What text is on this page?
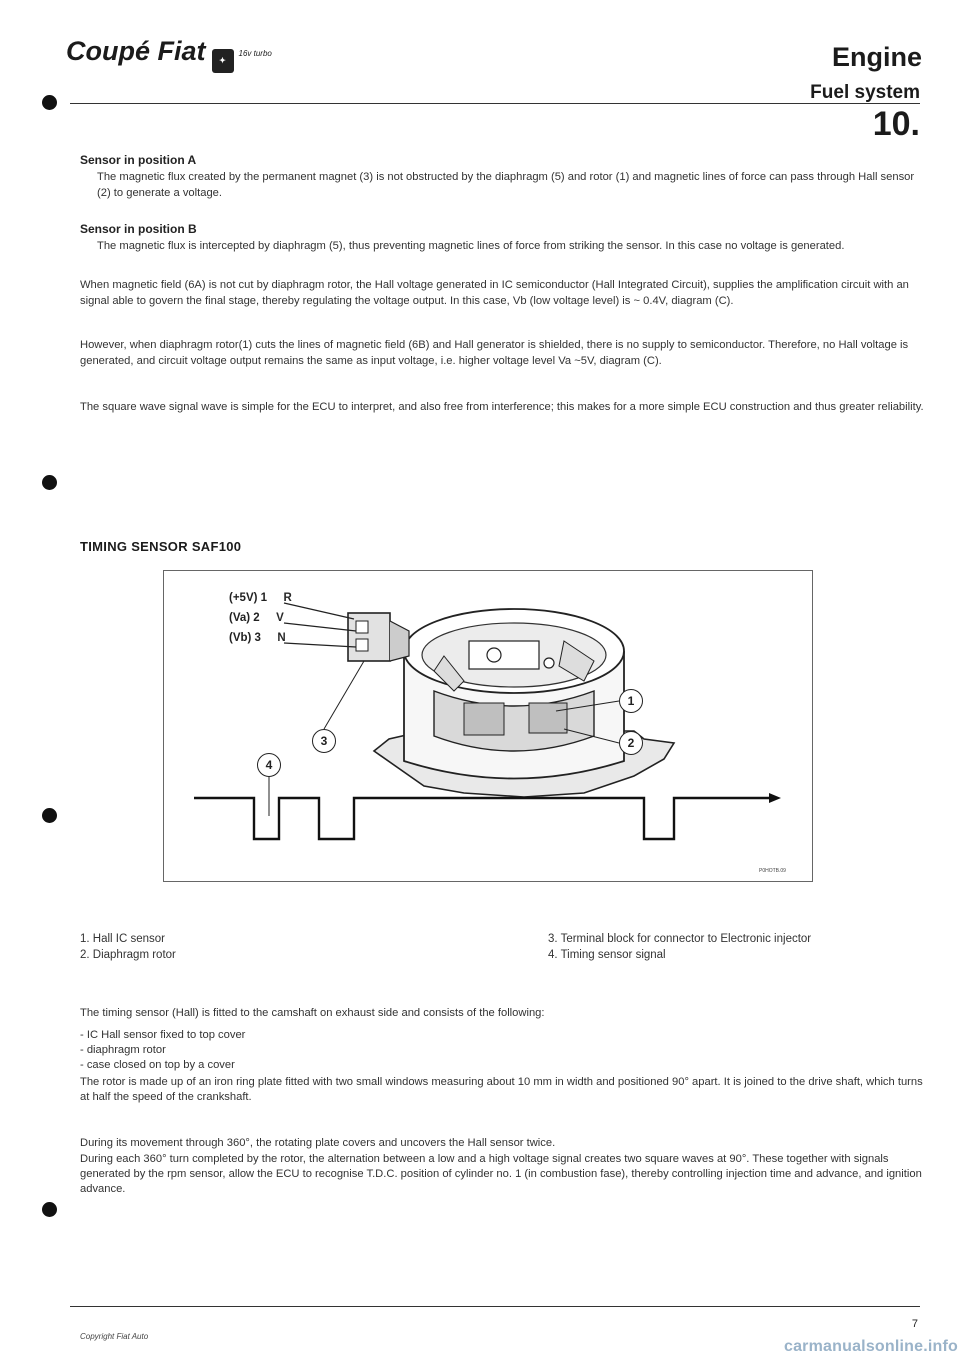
Coupé Fiat ✦16v turbo	Engine
Fuel system
10.
Sensor in position A

The magnetic flux created by the permanent magnet (3) is not obstructed by the diaphragm (5) and rotor (1) and magnetic lines of force can pass through Hall sensor (2) to generate a voltage.

Sensor in position B

The magnetic flux is intercepted by diaphragm (5), thus preventing magnetic lines of force from striking the sensor. In this case no voltage is generated.

When magnetic field (6A) is not cut by diaphragm rotor, the Hall voltage generated in IC semiconductor (Hall Integrated Circuit), supplies the amplification circuit with an signal able to govern the final stage, thereby regulating the voltage output. In this case, Vb (low voltage level) is ~ 0.4V, diagram (C).

However, when diaphragm rotor(1) cuts the lines of magnetic field (6B) and Hall generator is shielded, there is no supply to semiconductor. Therefore, no Hall voltage is generated, and circuit voltage output remains the same as input voltage, i.e. higher voltage level Va ~5V, diagram (C).

The square wave signal wave is simple for the ECU to interpret, and also free from interference; this makes for a more simple ECU construction and thus greater reliability.

TIMING SENSOR SAF100
(+5V) 1 R
(Va) 2 V
(Vb) 3 N
1
2
3
4
P0HOTB.09
1. Hall IC sensor
2. Diaphragm rotor
3. Terminal block for connector to Electronic injector
4. Timing sensor signal

The timing sensor (Hall) is fitted to the camshaft on exhaust side and consists of the following:

- IC Hall sensor fixed to top cover
- diaphragm rotor
- case closed on top by a cover

The rotor is made up of an iron ring plate fitted with two small windows measuring about 10 mm in width and positioned 90° apart. It is joined to the drive shaft, which turns at half the speed of the crankshaft.

During its movement through 360°, the rotating plate covers and uncovers the Hall sensor twice.

During each 360° turn completed by the rotor, the alternation between a low and a high voltage signal creates two square waves at 90°. These together with signals generated by the rpm sensor, allow the ECU to recognise T.D.C. position of cylinder no. 1 (in combustion fase), thereby controlling injection time and advance, and ignition advance.

Copyright Fiat Auto
7
carmanualsonline.info
